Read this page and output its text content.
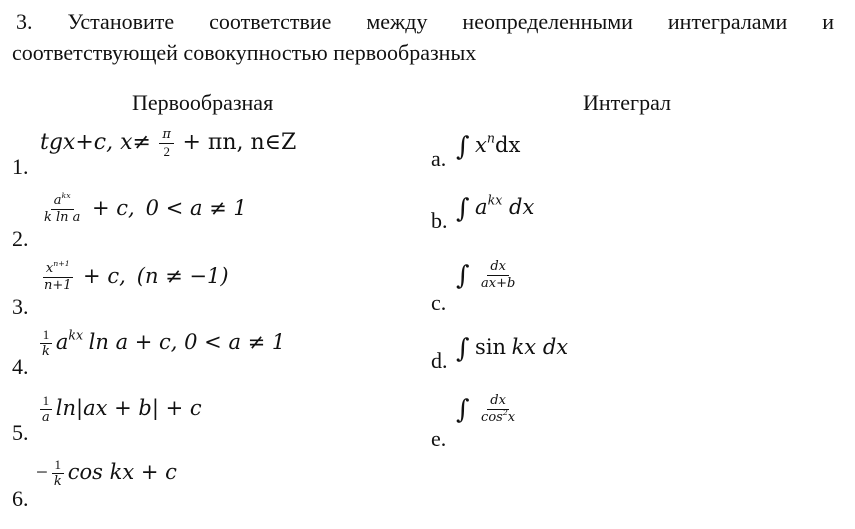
3. Установите соответствие между неопределенными интегралами и
соответствующей совокупностью первообразных
Первообразная	Интеграл
1.
tgx+c, $x\ne \frac{\pi}{2} + \pi n$, n∈Z
2.
$\frac{a^{kx}}{\text{k ln a}} + c$, 0 < a ≠ 1
3.
$\frac{x^{n+1}}{n+1} + c$, (n ≠ −1)
4.
$\frac{1}{k} a^{kx}$ ln a + c, 0 < a ≠ 1
5.
$\frac{1}{a} \ln|ax + b| + c$
6.
− $\frac{1}{k}$ cos kx + c
a. ∫ $x^ndx$
b. ∫ $a^{kx}$ dx
c.
∫ $\frac{dx}{ax+b}$
d. ∫ sin kx dx
e.
∫ $\frac{dx}{\cos^2x}$
